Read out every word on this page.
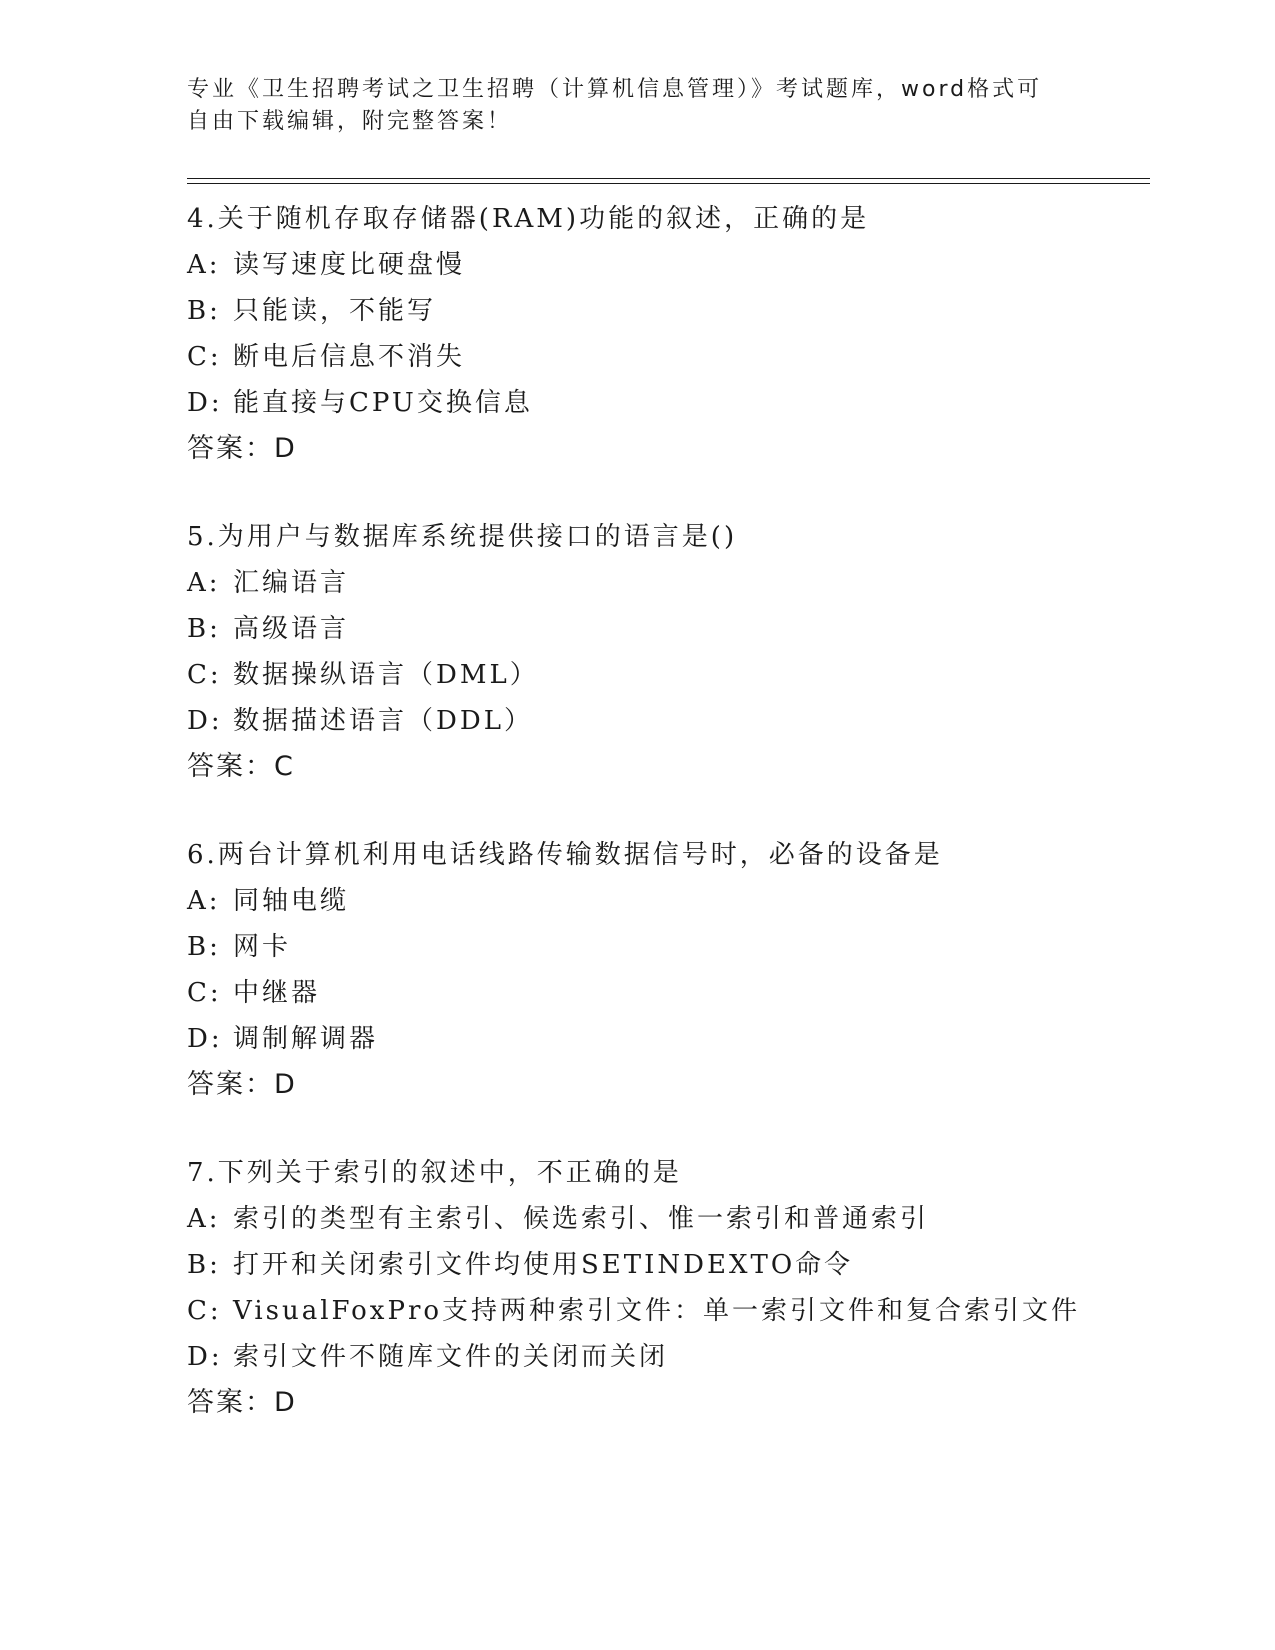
专业《卫生招聘考试之卫生招聘（计算机信息管理）》考试题库，word格式可自由下载编辑，附完整答案！
4.关于随机存取存储器(RAM)功能的叙述，正确的是
A: 读写速度比硬盘慢
B: 只能读，不能写
C: 断电后信息不消失
D: 能直接与CPU交换信息
答案：D
5.为用户与数据库系统提供接口的语言是()
A: 汇编语言
B: 高级语言
C: 数据操纵语言（DML）
D: 数据描述语言（DDL）
答案：C
6.两台计算机利用电话线路传输数据信号时，必备的设备是
A: 同轴电缆
B: 网卡
C: 中继器
D: 调制解调器
答案：D
7.下列关于索引的叙述中，不正确的是
A: 索引的类型有主索引、候选索引、惟一索引和普通索引
B: 打开和关闭索引文件均使用SETINDEXTO命令
C: VisualFoxPro支持两种索引文件：单一索引文件和复合索引文件
D: 索引文件不随库文件的关闭而关闭
答案：D
